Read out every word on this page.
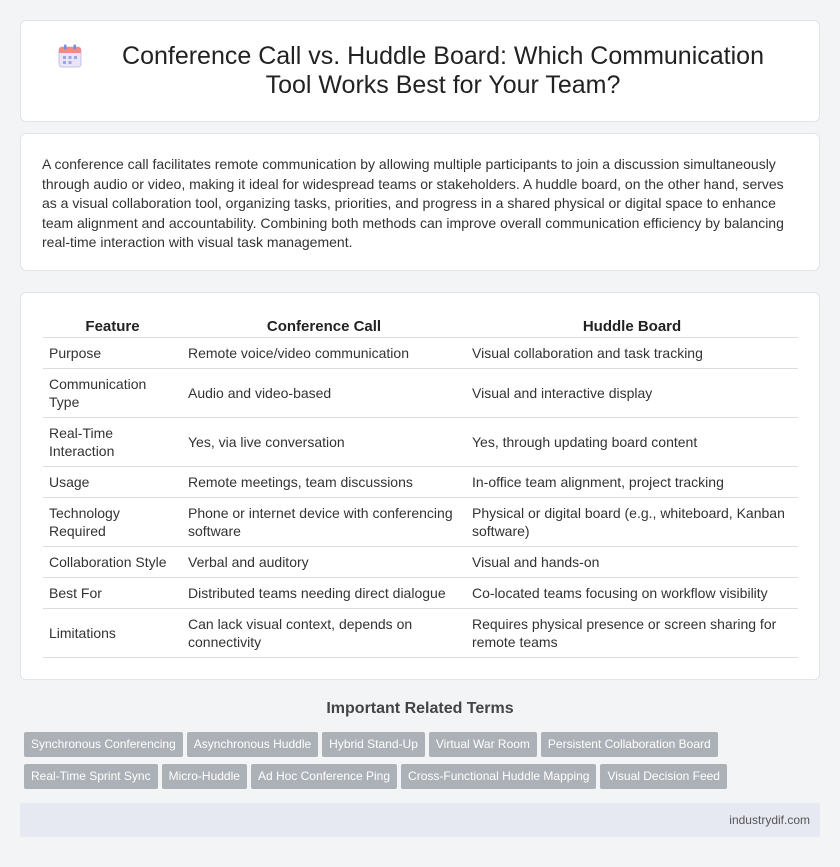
Conference Call vs. Huddle Board: Which Communication Tool Works Best for Your Team?

A conference call facilitates remote communication by allowing multiple participants to join a discussion simultaneously through audio or video, making it ideal for widespread teams or stakeholders. A huddle board, on the other hand, serves as a visual collaboration tool, organizing tasks, priorities, and progress in a shared physical or digital space to enhance team alignment and accountability. Combining both methods can improve overall communication efficiency by balancing real-time interaction with visual task management.

Feature	Conference Call	Huddle Board
Purpose	Remote voice/video communication	Visual collaboration and task tracking
Communication Type	Audio and video-based	Visual and interactive display
Real-Time Interaction	Yes, via live conversation	Yes, through updating board content
Usage	Remote meetings, team discussions	In-office team alignment, project tracking
Technology Required	Phone or internet device with conferencing software	Physical or digital board (e.g., whiteboard, Kanban software)
Collaboration Style	Verbal and auditory	Visual and hands-on
Best For	Distributed teams needing direct dialogue	Co-located teams focusing on workflow visibility
Limitations	Can lack visual context, depends on connectivity	Requires physical presence or screen sharing for remote teams
Important Related Terms
Synchronous Conferencing Asynchronous Huddle Hybrid Stand-Up Virtual War Room Persistent Collaboration Board
Real-Time Sprint Sync Micro-Huddle Ad Hoc Conference Ping Cross-Functional Huddle Mapping Visual Decision Feed
industrydif.com
